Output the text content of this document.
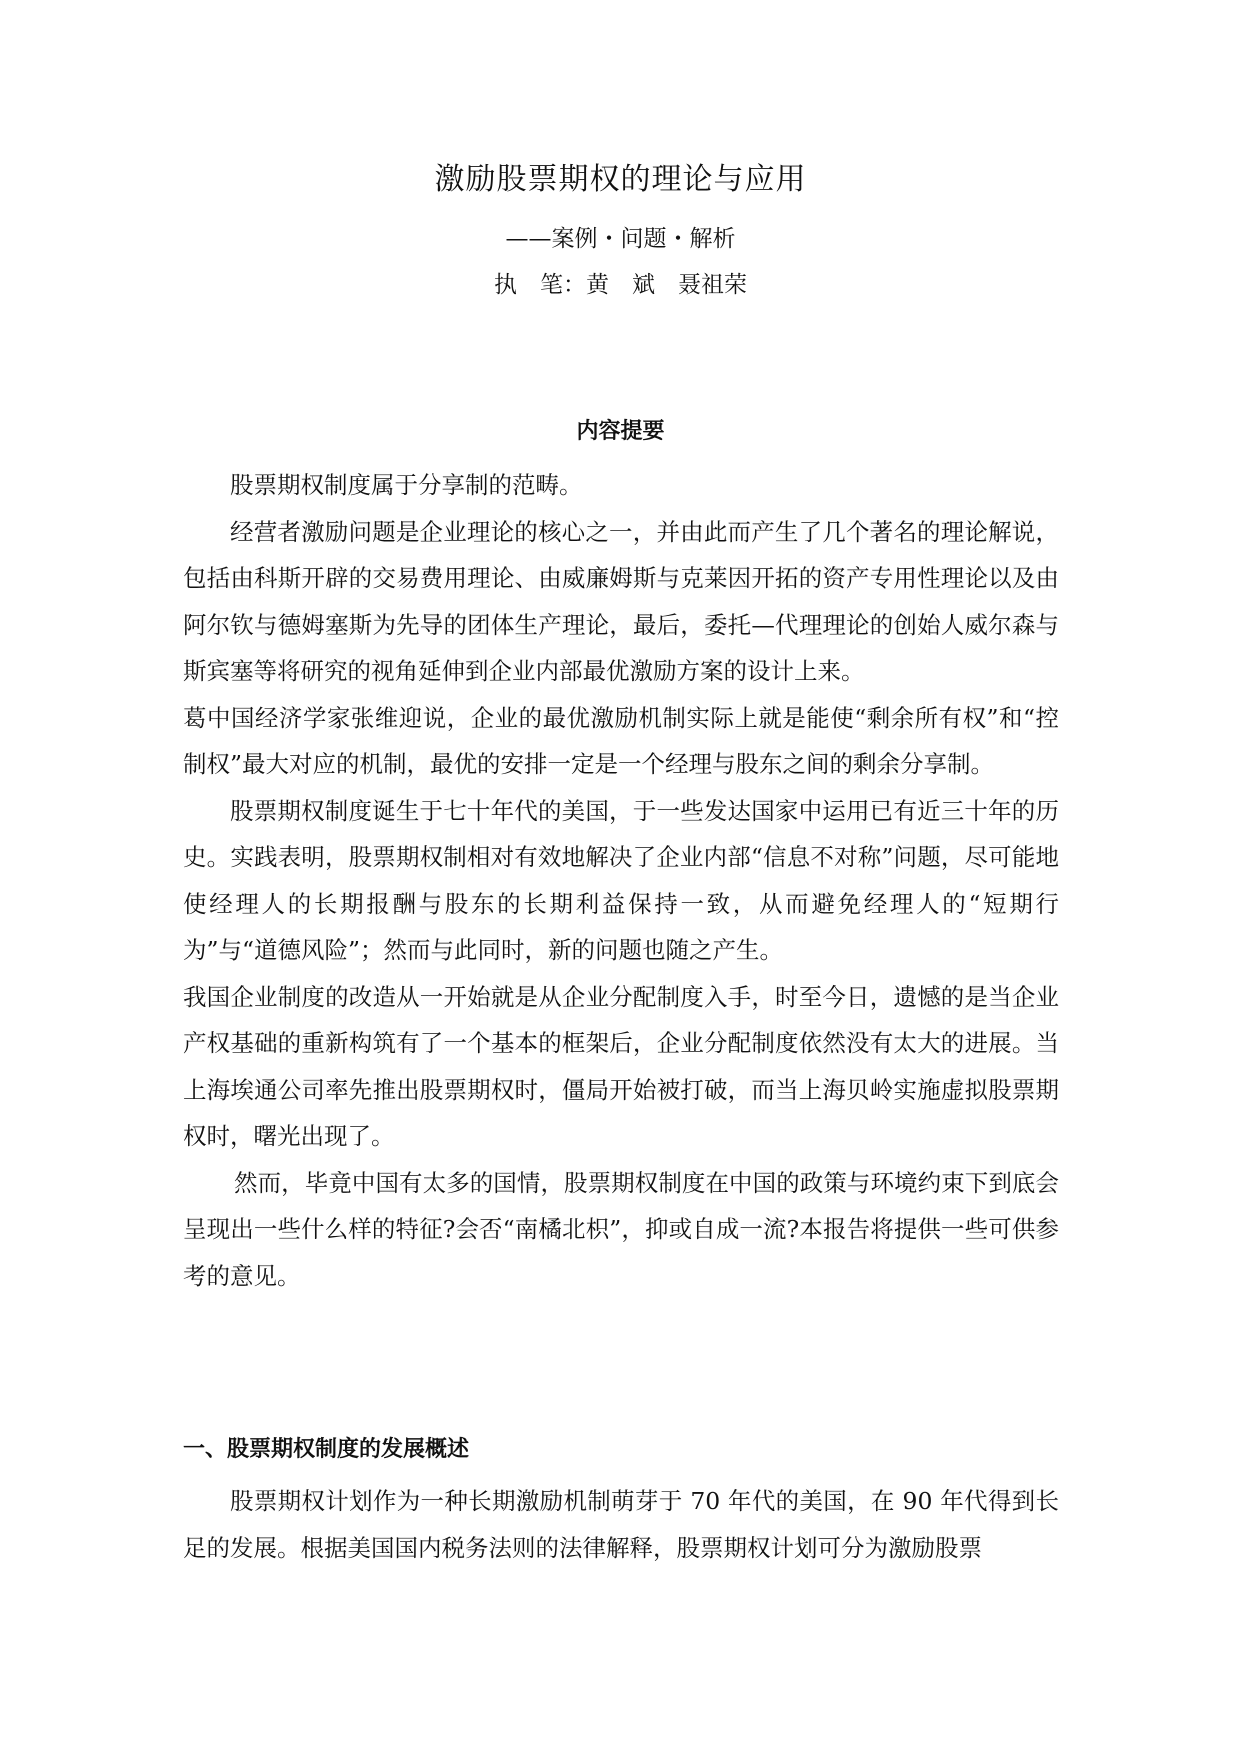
激励股票期权的理论与应用
——案例・问题・解析
执　笔：黄　斌　聂祖荣
内容提要

股票期权制度属于分享制的范畴。

经营者激励问题是企业理论的核心之一，并由此而产生了几个著名的理论解说，包括由科斯开辟的交易费用理论、由威廉姆斯与克莱因开拓的资产专用性理论以及由阿尔钦与德姆塞斯为先导的团体生产理论，最后，委托—代理理论的创始人威尔森与斯宾塞等将研究的视角延伸到企业内部最优激励方案的设计上来。

葛中国经济学家张维迎说，企业的最优激励机制实际上就是能使“剩余所有权”和“控制权”最大对应的机制，最优的安排一定是一个经理与股东之间的剩余分享制。

股票期权制度诞生于七十年代的美国，于一些发达国家中运用已有近三十年的历史。实践表明，股票期权制相对有效地解决了企业内部“信息不对称”问题，尽可能地使经理人的长期报酬与股东的长期利益保持一致，从而避免经理人的“短期行为”与“道德风险”；然而与此同时，新的问题也随之产生。

我国企业制度的改造从一开始就是从企业分配制度入手，时至今日，遗憾的是当企业产权基础的重新构筑有了一个基本的框架后，企业分配制度依然没有太大的进展。当上海埃通公司率先推出股票期权时，僵局开始被打破，而当上海贝岭实施虚拟股票期权时，曙光出现了。

然而，毕竟中国有太多的国情，股票期权制度在中国的政策与环境约束下到底会呈现出一些什么样的特征?会否“南橘北枳”，抑或自成一流?本报告将提供一些可供参考的意见。

一、股票期权制度的发展概述

股票期权计划作为一种长期激励机制萌芽于 70 年代的美国，在 90 年代得到长足的发展。根据美国国内税务法则的法律解释，股票期权计划可分为激励股票
